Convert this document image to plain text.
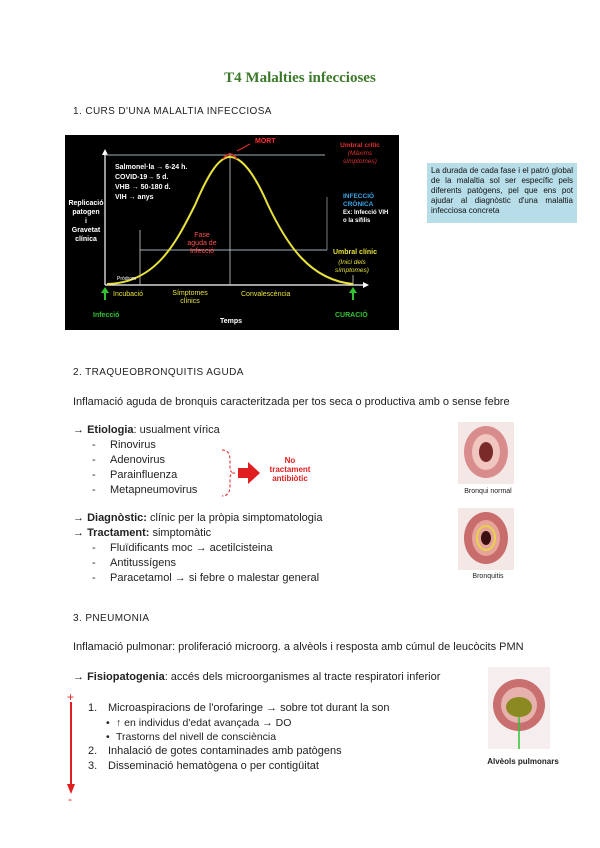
T4 Malalties infeccioses
1. CURS D'UNA MALALTIA INFECCIOSA
Replicació
patogen
i
Gravetat
clínica
Temps
MORT
Umbral crític
(Màxims
símptomes)
INFECCIÓ
CRÒNICA
Ex: Infecció VIH
o la sífilis
Umbral clínic
(Inici dels
símptomes)
Salmonel·la → 6-24 h.
COVID-19→ 5 d.
VHB → 50-180 d.
VIH → anys
Fase
aguda de
Infecció
Pròdrom
Incubació	Símptomes
clínics
Convalescència
Infecció	CURACIÓ
La durada de cada fase i el patró global de la malaltia sol ser específic pels diferents patògens, pel que ens pot ajudar al diagnòstic d'una malaltia infecciosa concreta
2. TRAQUEOBRONQUITIS AGUDA
Inflamació aguda de bronquis caracteritzada per tos seca o productiva amb o sense febre
→ Etiologia: usualment vírica
- Rinovirus
- Adenovirus
- Parainfluenza
- Metapneumovirus
No
tractament
antibiòtic
→ Diagnòstic: clínic per la pròpia simptomatologia
→ Tractament: simptomàtic
- Fluïdificants moc → acetilcisteina
- Antitussígens
- Paracetamol → si febre o malestar general
Bronqui normal
Bronquitis
3. PNEUMONIA
Inflamació pulmonar: proliferació microorg. a alvèols i resposta amb cúmul de leucòcits PMN
→ Fisiopatogenia: accés dels microorganismes al tracte respiratori inferior
+
-
1. Microaspiracions de l'orofaringe → sobre tot durant la son
• ↑ en individus d'edat avançada → DO
• Trastorns del nivell de consciència
2. Inhalació de gotes contaminades amb patògens
3. Disseminació hematògena o per contigüitat	Alvèols pulmonars
